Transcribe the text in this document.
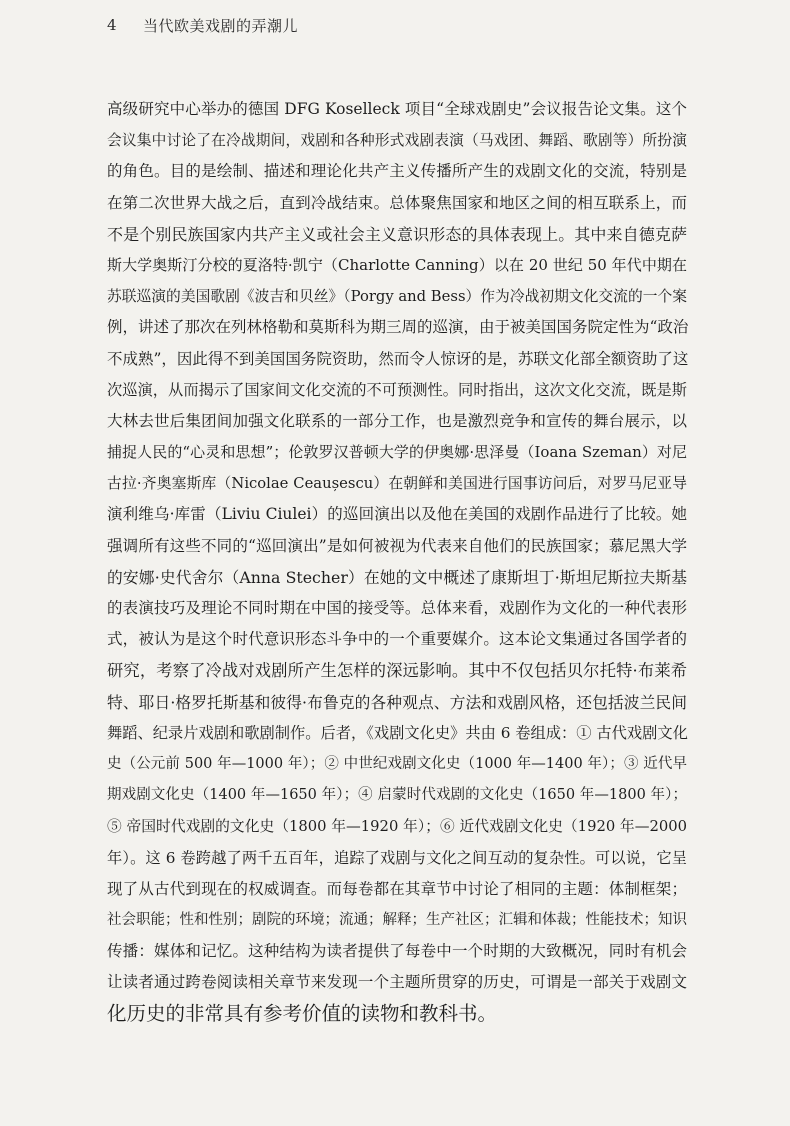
4	当代欧美戏剧的弄潮儿
高级研究中心举办的德国 DFG Koselleck 项目“全球戏剧史”会议报告论文集。这个
会议集中讨论了在冷战期间，戏剧和各种形式戏剧表演（马戏团、舞蹈、歌剧等）所扮演
的角色。目的是绘制、描述和理论化共产主义传播所产生的戏剧文化的交流，特别是
在第二次世界大战之后，直到冷战结束。总体聚焦国家和地区之间的相互联系上，而
不是个别民族国家内共产主义或社会主义意识形态的具体表现上。其中来自德克萨
斯大学奥斯汀分校的夏洛特·凯宁（Charlotte Canning）以在 20 世纪 50 年代中期在
苏联巡演的美国歌剧《波吉和贝丝》（Porgy and Bess）作为冷战初期文化交流的一个案
例，讲述了那次在列林格勒和莫斯科为期三周的巡演，由于被美国国务院定性为“政治
不成熟”，因此得不到美国国务院资助，然而令人惊讶的是，苏联文化部全额资助了这
次巡演，从而揭示了国家间文化交流的不可预测性。同时指出，这次文化交流，既是斯
大林去世后集团间加强文化联系的一部分工作，也是激烈竞争和宣传的舞台展示，以
捕捉人民的“心灵和思想”；伦敦罗汉普顿大学的伊奥娜·思泽曼（Ioana Szeman）对尼
古拉·齐奥塞斯库（Nicolae Ceaușescu）在朝鲜和美国进行国事访问后，对罗马尼亚导
演利维乌·库雷（Liviu Ciulei）的巡回演出以及他在美国的戏剧作品进行了比较。她
强调所有这些不同的“巡回演出”是如何被视为代表来自他们的民族国家；慕尼黑大学
的安娜·史代舍尔（Anna Stecher）在她的文中概述了康斯坦丁·斯坦尼斯拉夫斯基
的表演技巧及理论不同时期在中国的接受等。总体来看，戏剧作为文化的一种代表形
式，被认为是这个时代意识形态斗争中的一个重要媒介。这本论文集通过各国学者的
研究，考察了冷战对戏剧所产生怎样的深远影响。其中不仅包括贝尔托特·布莱希
特、耶日·格罗托斯基和彼得·布鲁克的各种观点、方法和戏剧风格，还包括波兰民间
舞蹈、纪录片戏剧和歌剧制作。后者，《戏剧文化史》共由 6 卷组成：① 古代戏剧文化
史（公元前 500 年—1000 年）；② 中世纪戏剧文化史（1000 年—1400 年）；③ 近代早
期戏剧文化史（1400 年—1650 年）；④ 启蒙时代戏剧的文化史（1650 年—1800 年）；
⑤ 帝国时代戏剧的文化史（1800 年—1920 年）；⑥ 近代戏剧文化史（1920 年—2000
年）。这 6 卷跨越了两千五百年，追踪了戏剧与文化之间互动的复杂性。可以说，它呈
现了从古代到现在的权威调查。而每卷都在其章节中讨论了相同的主题：体制框架；
社会职能；性和性别；剧院的环境；流通；解释；生产社区；汇辑和体裁；性能技术；知识
传播：媒体和记忆。这种结构为读者提供了每卷中一个时期的大致概况，同时有机会
让读者通过跨卷阅读相关章节来发现一个主题所贯穿的历史，可谓是一部关于戏剧文
化历史的非常具有参考价值的读物和教科书。
